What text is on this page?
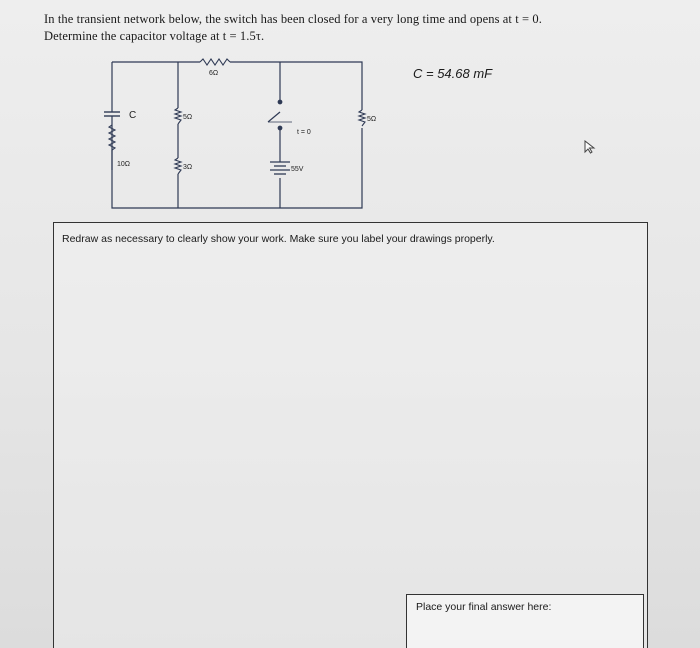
In the transient network below, the switch has been closed for a very long time and opens at t = 0.
Determine the capacitor voltage at t = 1.5τ.
6Ω
C
10Ω
5Ω
3Ω
t = 0
55V
5Ω
C = 54.68 mF
Redraw as necessary to clearly show your work. Make sure you label your drawings properly.
Place your final answer here:
